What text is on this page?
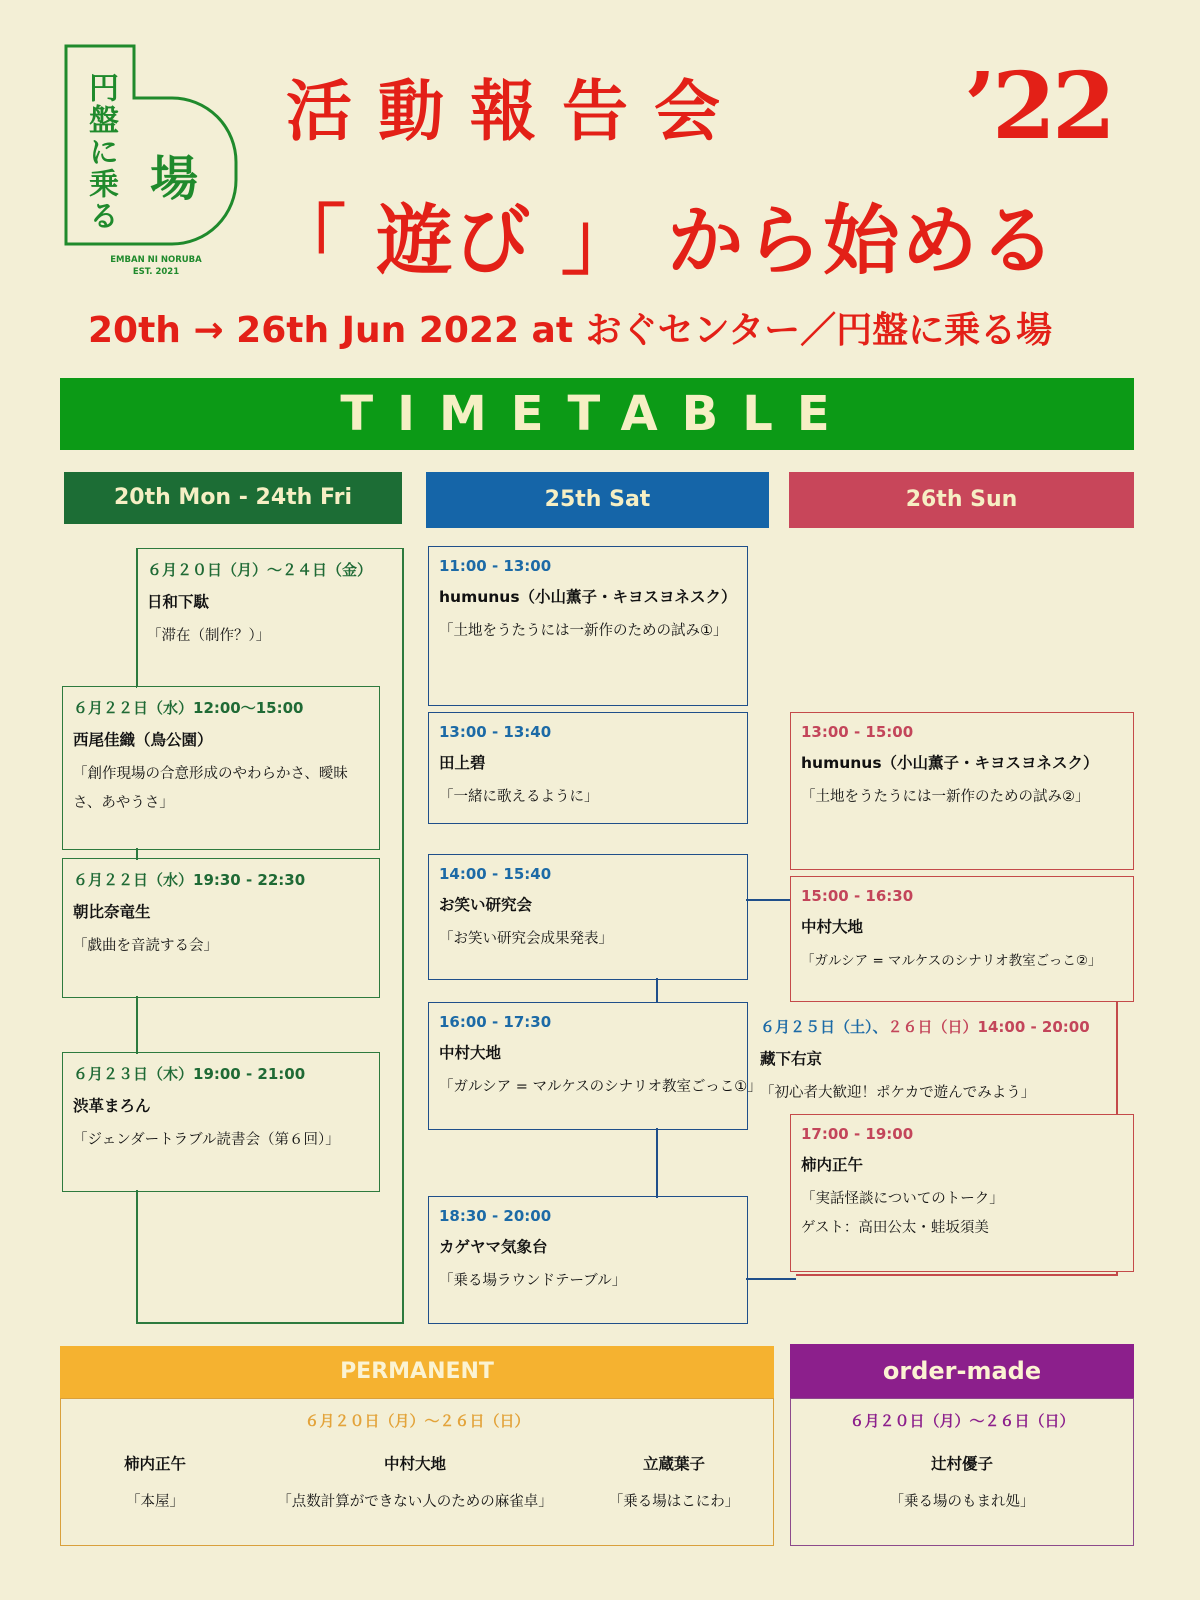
円盤に乗る 場
EMBAN NI NORUBA
EST. 2021
活動報告会 ’22
「 遊び 」 から始める
20th → 26th Jun 2022 at おぐセンター／円盤に乗る場
TIMETABLE
20th Mon - 24th Fri	25th Sat	26th Sun
６月２０日（月）〜２４日（金）
日和下駄
「滞在（制作？）」
６月２２日（水）12:00〜15:00
西尾佳織（鳥公園）
「創作現場の合意形成のやわらかさ、曖昧さ、あやうさ」
６月２２日（水）19:30 - 22:30
朝比奈竜生
「戯曲を音読する会」
６月２３日（木）19:00 - 21:00
渋革まろん
「ジェンダートラブル読書会（第６回）」
11:00 - 13:00
humunus（小山薫子・キヨスヨネスク）
「土地をうたうには一新作のための試み①」
13:00 - 13:40
田上碧
「一緒に歌えるように」
14:00 - 15:40
お笑い研究会
「お笑い研究会成果発表」
16:00 - 17:30
中村大地
「ガルシア = マルケスのシナリオ教室ごっこ①」
18:30 - 20:00
カゲヤマ気象台
「乗る場ラウンドテーブル」
13:00 - 15:00
humunus（小山薫子・キヨスヨネスク）
「土地をうたうには一新作のための試み②」
15:00 - 16:30
中村大地
「ガルシア = マルケスのシナリオ教室ごっこ②」
６月２５日（土）、２６日（日）14:00 - 20:00
藏下右京
「初心者大歓迎！ポケカで遊んでみよう」
17:00 - 19:00
柿内正午
「実話怪談についてのトーク」
ゲスト：高田公太・蛙坂須美
PERMANENT
６月２０日（月）〜２６日（日）
柿内正午
「本屋」
中村大地
「点数計算ができない人のための麻雀卓」
立蔵葉子
「乗る場はこにわ」
order-made
６月２０日（月）〜２６日（日）
辻村優子
「乗る場のもまれ処」
